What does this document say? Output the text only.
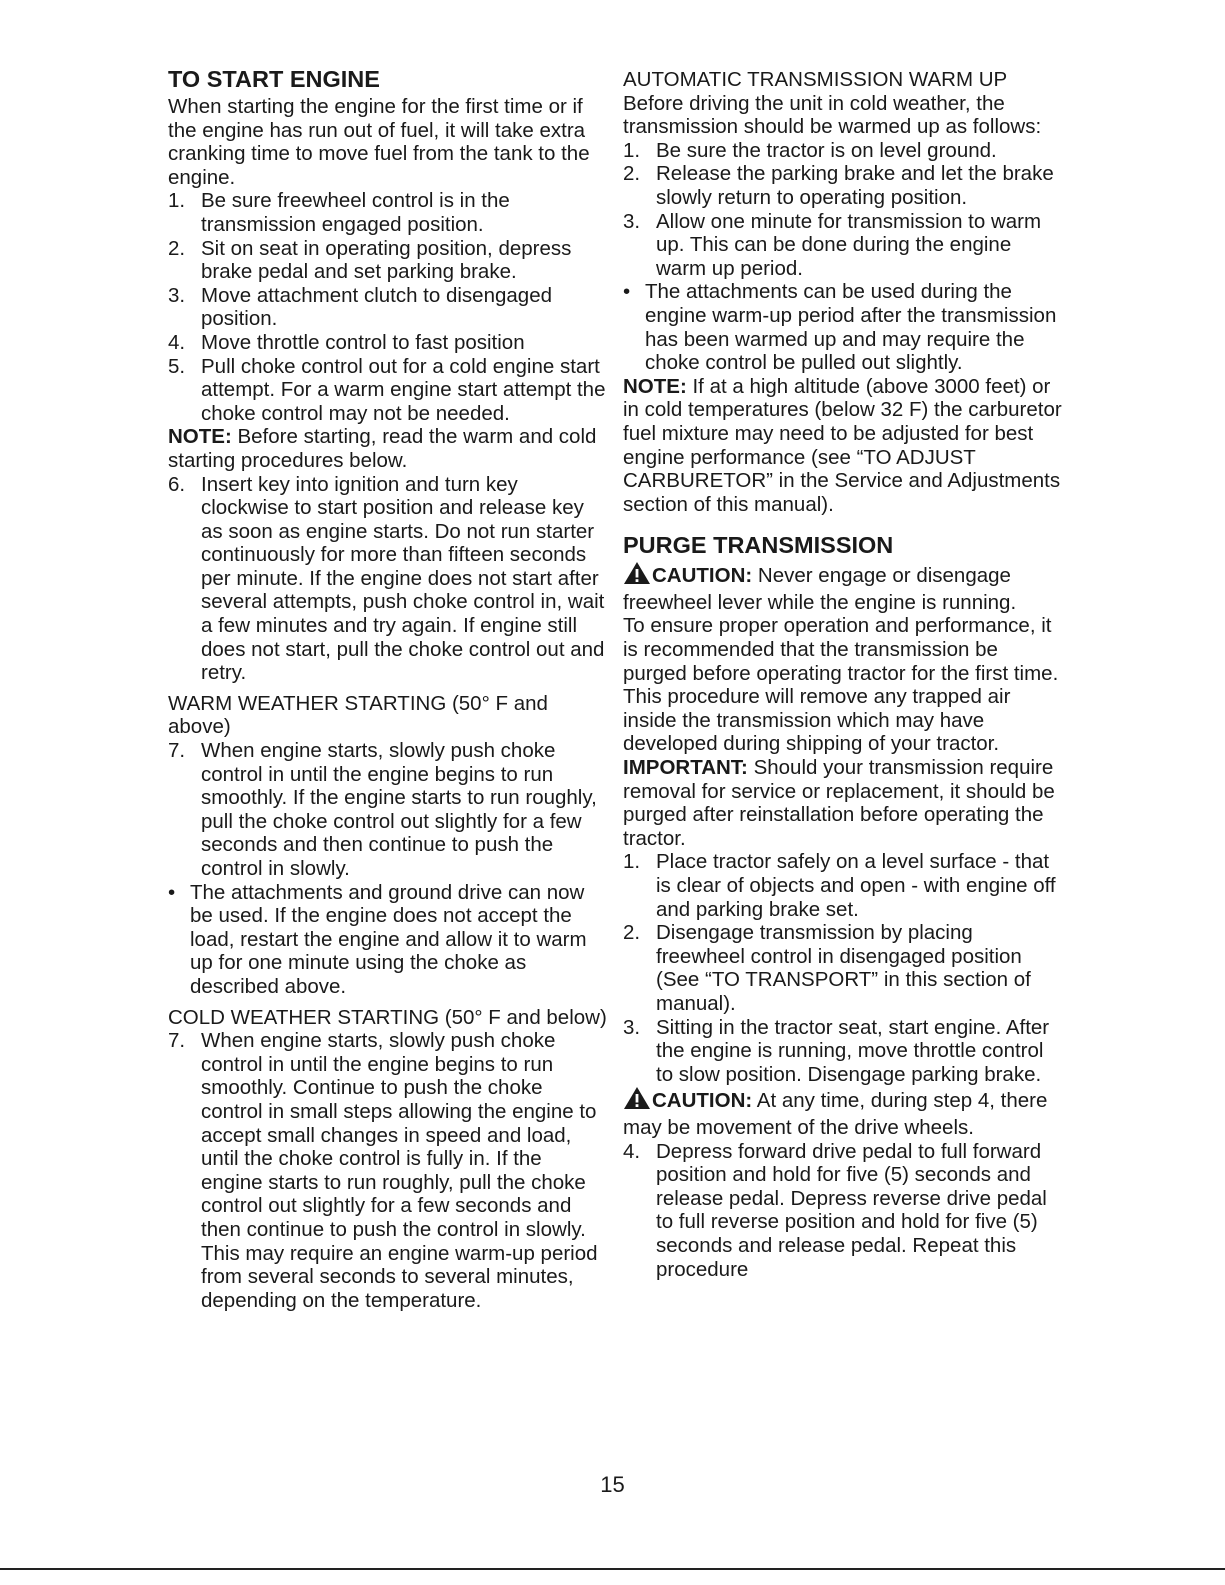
TO START ENGINE

When starting the engine for the first time or if the engine has run out of fuel, it will take extra cranking time to move fuel from the tank to the engine.

1. Be sure freewheel control is in the transmission engaged position.
2. Sit on seat in operating position, depress brake pedal and set parking brake.
3. Move attachment clutch to disengaged position.
4. Move throttle control to fast position
5. Pull choke control out for a cold engine start attempt. For a warm engine start attempt the choke control may not be needed.

NOTE: Before starting, read the warm and cold starting procedures below.

6. Insert key into ignition and turn key clockwise to start position and release key as soon as engine starts. Do not run starter continuously for more than fifteen seconds per minute. If the engine does not start after several attempts, push choke control in, wait a few minutes and try again. If engine still does not start, pull the choke control out and retry.

WARM WEATHER STARTING (50° F and above)

7. When engine starts, slowly push choke control in until the engine begins to run smoothly. If the engine starts to run roughly, pull the choke control out slightly for a few seconds and then continue to push the control in slowly.
• The attachments and ground drive can now be used. If the engine does not accept the load, restart the engine and allow it to warm up for one minute using the choke as described above.

COLD WEATHER STARTING (50° F and below)

7. When engine starts, slowly push choke control in until the engine begins to run smoothly. Continue to push the choke control in small steps allowing the engine to accept small changes in speed and load, until the choke control is fully in. If the engine starts to run roughly, pull the choke control out slightly for a few seconds and then continue to push the control in slowly. This may require an engine warm-up period from several seconds to several minutes, depending on the temperature.

AUTOMATIC TRANSMISSION WARM UP

Before driving the unit in cold weather, the transmission should be warmed up as follows:

1. Be sure the tractor is on level ground.
2. Release the parking brake and let the brake slowly return to operating position.
3. Allow one minute for transmission to warm up. This can be done during the engine warm up period.
• The attachments can be used during the engine warm-up period after the transmission has been warmed up and may require the choke control be pulled out slightly.

NOTE: If at a high altitude (above 3000 feet) or in cold temperatures (below 32 F) the carburetor fuel mixture may need to be adjusted for best engine performance (see “TO ADJUST CARBURETOR” in the Service and Adjustments section of this manual).

PURGE TRANSMISSION

CAUTION: Never engage or disengage freewheel lever while the engine is running.

To ensure proper operation and performance, it is recommended that the transmission be purged before operating tractor for the first time. This procedure will remove any trapped air inside the transmission which may have developed during shipping of your tractor.

IMPORTANT: Should your transmission require removal for service or replacement, it should be purged after reinstallation before operating the tractor.

1. Place tractor safely on a level surface - that is clear of objects and open - with engine off and parking brake set.
2. Disengage transmission by placing freewheel control in disengaged position (See “TO TRANSPORT” in this section of manual).
3. Sitting in the tractor seat, start engine. After the engine is running, move throttle control to slow position. Disengage parking brake.

CAUTION: At any time, during step 4, there may be movement of the drive wheels.

4. Depress forward drive pedal to full forward position and hold for five (5) seconds and release pedal. Depress reverse drive pedal to full reverse position and hold for five (5) seconds and release pedal. Repeat this procedure
15
